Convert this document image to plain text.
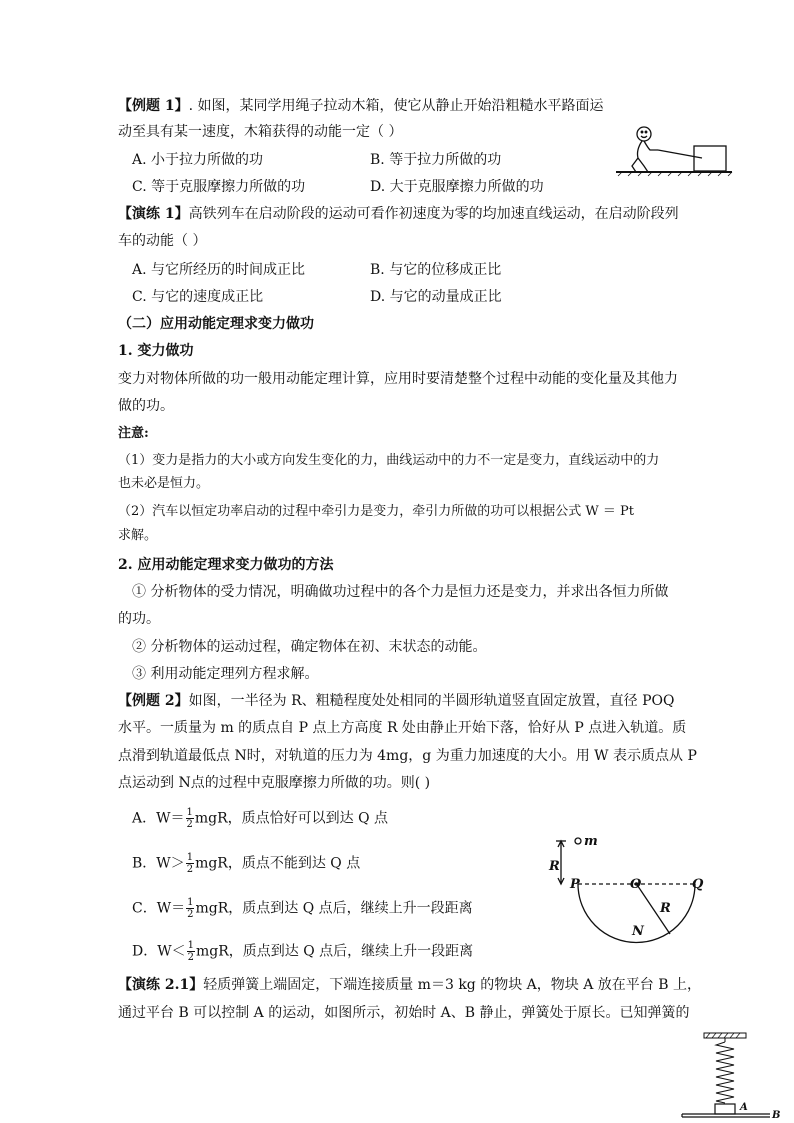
【例题 1】. 如图，某同学用绳子拉动木箱，使它从静止开始沿粗糙水平路面运
动至具有某一速度，木箱获得的动能一定（ ）
A. 小于拉力所做的功	B. 等于拉力所做的功
C. 等于克服摩擦力所做的功	D. 大于克服摩擦力所做的功
【演练 1】高铁列车在启动阶段的运动可看作初速度为零的均加速直线运动，在启动阶段列
车的动能（ ）
A. 与它所经历的时间成正比	B. 与它的位移成正比
C. 与它的速度成正比	D. 与它的动量成正比
（二）应用动能定理求变力做功
1. 变力做功
变力对物体所做的功一般用动能定理计算，应用时要清楚整个过程中动能的变化量及其他力
做的功。
注意:
（1）变力是指力的大小或方向发生变化的力，曲线运动中的力不一定是变力，直线运动中的力
也未必是恒力。
（2）汽车以恒定功率启动的过程中牵引力是变力，牵引力所做的功可以根据公式 W ＝ Pt
求解。
2. 应用动能定理求变力做功的方法
① 分析物体的受力情况，明确做功过程中的各个力是恒力还是变力，并求出各恒力所做
的功。
② 分析物体的运动过程，确定物体在初、末状态的动能。
③ 利用动能定理列方程求解。
【例题 2】如图，一半径为 R、粗糙程度处处相同的半圆形轨道竖直固定放置，直径 POQ
水平。一质量为 m 的质点自 P 点上方高度 R 处由静止开始下落，恰好从 P 点进入轨道。质
点滑到轨道最低点 N时，对轨道的压力为 4mg，g 为重力加速度的大小。用 W 表示质点从 P
点运动到 N点的过程中克服摩擦力所做的功。则( )
A．$W= \frac{1}{2}$ mgR，质点恰好可以到达 Q 点
B．$W> \frac{1}{2}$ mgR，质点不能到达 Q 点
C．$W= \frac{1}{2}$ mgR，质点到达 Q 点后，继续上升一段距离
D．$W< \frac{1}{2}$ mgR，质点到达 Q 点后，继续上升一段距离
m
R
P	O	Q
R
N
【演练 2.1】轻质弹簧上端固定，下端连接质量 m＝3 kg 的物块 A，物块 A 放在平台 B 上，
通过平台 B 可以控制 A 的运动，如图所示，初始时 A、B 静止，弹簧处于原长。已知弹簧的
A
B
